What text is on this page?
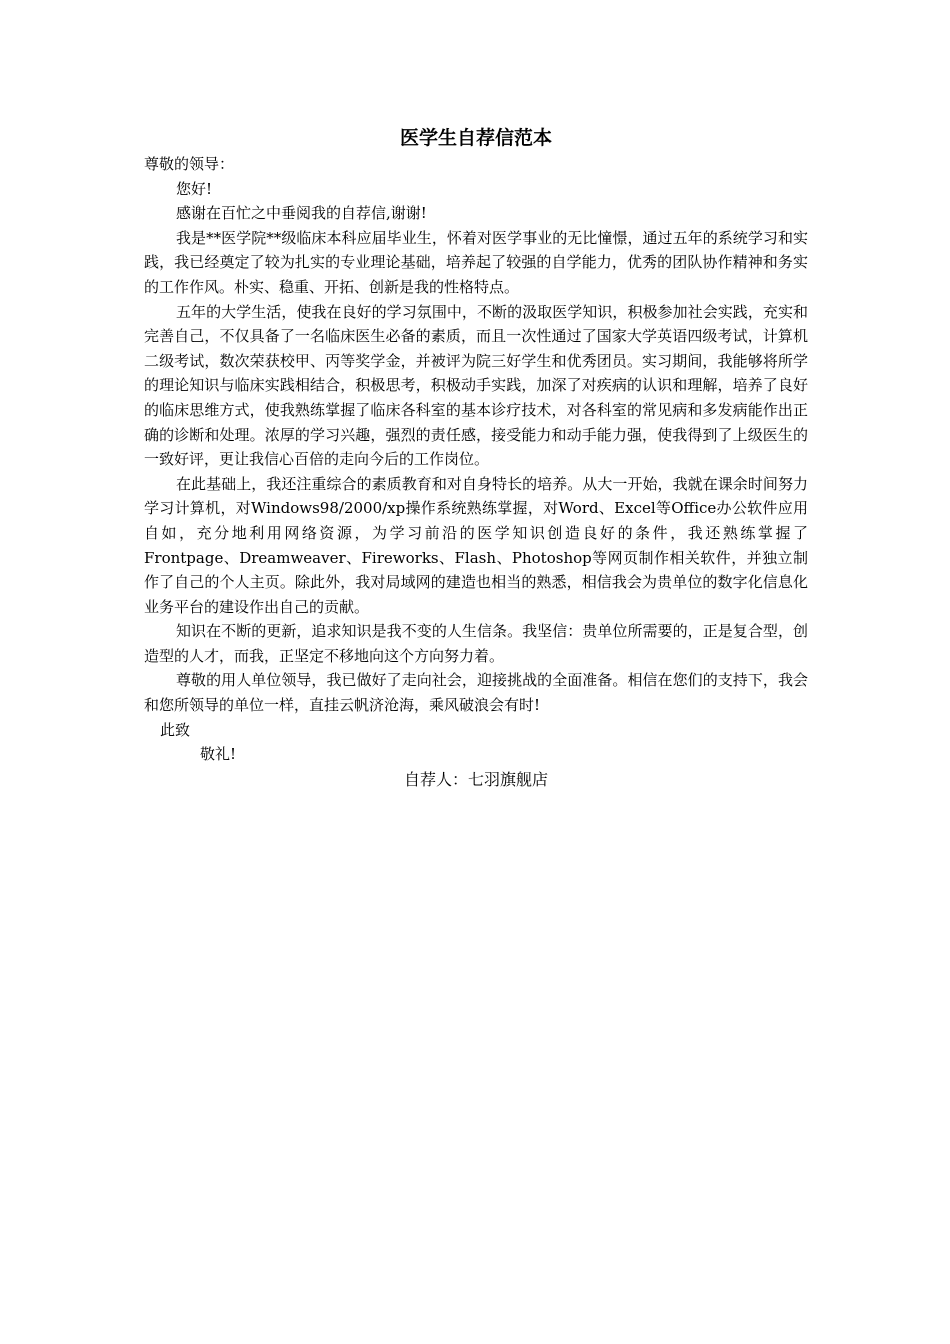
医学生自荐信范本

尊敬的领导：

您好!

感谢在百忙之中垂阅我的自荐信,谢谢!

我是**医学院**级临床本科应届毕业生，怀着对医学事业的无比憧憬，通过五年的系统学习和实践，我已经奠定了较为扎实的专业理论基础，培养起了较强的自学能力，优秀的团队协作精神和务实的工作作风。朴实、稳重、开拓、创新是我的性格特点。

五年的大学生活，使我在良好的学习氛围中，不断的汲取医学知识，积极参加社会实践，充实和完善自己，不仅具备了一名临床医生必备的素质，而且一次性通过了国家大学英语四级考试，计算机二级考试，数次荣获校甲、丙等奖学金，并被评为院三好学生和优秀团员。实习期间，我能够将所学的理论知识与临床实践相结合，积极思考，积极动手实践，加深了对疾病的认识和理解，培养了良好的临床思维方式，使我熟练掌握了临床各科室的基本诊疗技术，对各科室的常见病和多发病能作出正确的诊断和处理。浓厚的学习兴趣，强烈的责任感，接受能力和动手能力强，使我得到了上级医生的一致好评，更让我信心百倍的走向今后的工作岗位。

在此基础上，我还注重综合的素质教育和对自身特长的培养。从大一开始，我就在课余时间努力学习计算机，对Windows98/2000/xp操作系统熟练掌握，对Word、Excel等Office办公软件应用自如，充分地利用网络资源，为学习前沿的医学知识创造良好的条件，我还熟练掌握了Frontpage、Dreamweaver、Fireworks、Flash、Photoshop等网页制作相关软件，并独立制作了自己的个人主页。除此外，我对局域网的建造也相当的熟悉，相信我会为贵单位的数字化信息化业务平台的建设作出自己的贡献。

知识在不断的更新，追求知识是我不变的人生信条。我坚信：贵单位所需要的，正是复合型，创造型的人才，而我，正坚定不移地向这个方向努力着。

尊敬的用人单位领导，我已做好了走向社会，迎接挑战的全面准备。相信在您们的支持下，我会和您所领导的单位一样，直挂云帆济沧海，乘风破浪会有时!

此致

敬礼!

自荐人：七羽旗舰店
